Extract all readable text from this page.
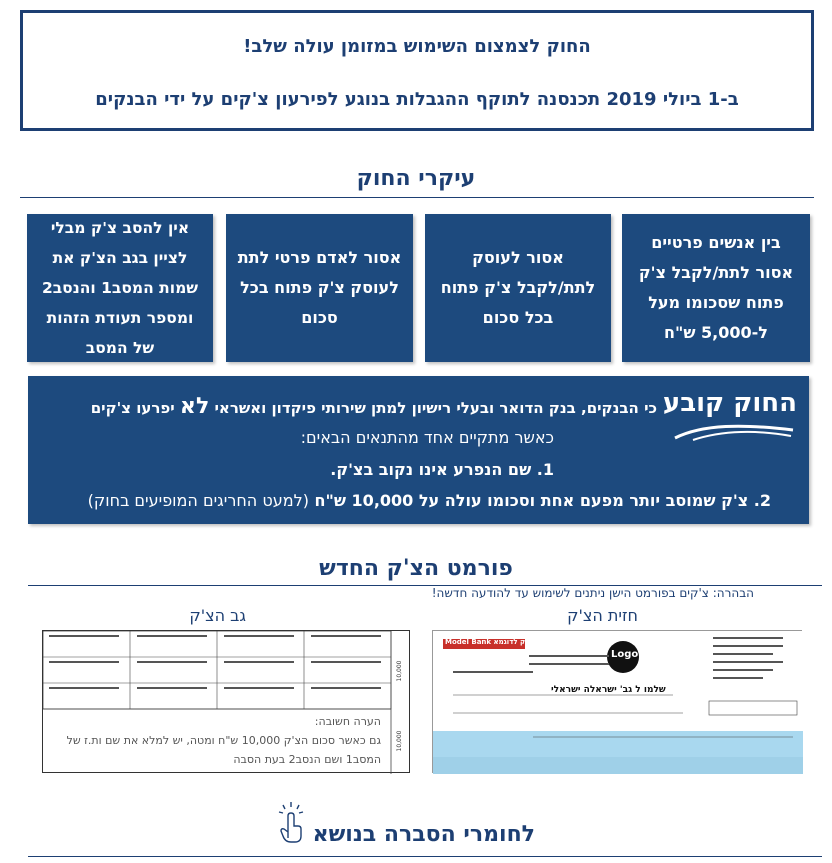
החוק לצמצום השימוש במזומן עולה שלב!
ב-1 ביולי 2019 תכנסנה לתוקף ההגבלות בנוגע לפירעון צ'קים על ידי הבנקים
עיקרי החוק
בין אנשים פרטיים אסור לתת/לקבל צ'ק פתוח שסכומו מעל ל-5,000 ש"ח
אסור לעוסק לתת/לקבל צ'ק פתוח בכל סכום
אסור לאדם פרטי לתת לעוסק צ'ק פתוח בכל סכום
אין להסב צ'ק מבלי לציין בגב הצ'ק את שמות המסב1 והנסב2 ומספר תעודת הזהות של המסב
החוק קובע
כי הבנקים, בנק הדואר ובעלי רישיון למתן שירותי פיקדון ואשראי לא יפרעו צ'קים
כאשר מתקיים אחד מהתנאים הבאים:
1. שם הנפרע אינו נקוב בצ'ק.
2. צ'ק שמוסב יותר מפעם אחת וסכומו עולה על 10,000 ש"ח (למעט החריגים המופיעים בחוק)
פורמט הצ'ק החדש
הבהרה: צ'קים בפורמט הישן ניתנים לשימוש עד להודעה חדשה!
חזית הצ'ק
גב הצ'ק
10,000
10,000
הערה חשובה:
גם כאשר סכום הצ'ק 10,000 ש"ח ומטה, יש למלא את שם ות.ז של
המסב1 ושם הנסב2 בעת הסבה
בנק לדוגמא Model Bank
Logo
שלמו ל גב' ישראלה ישראלי
לחומרי הסברה בנושא
